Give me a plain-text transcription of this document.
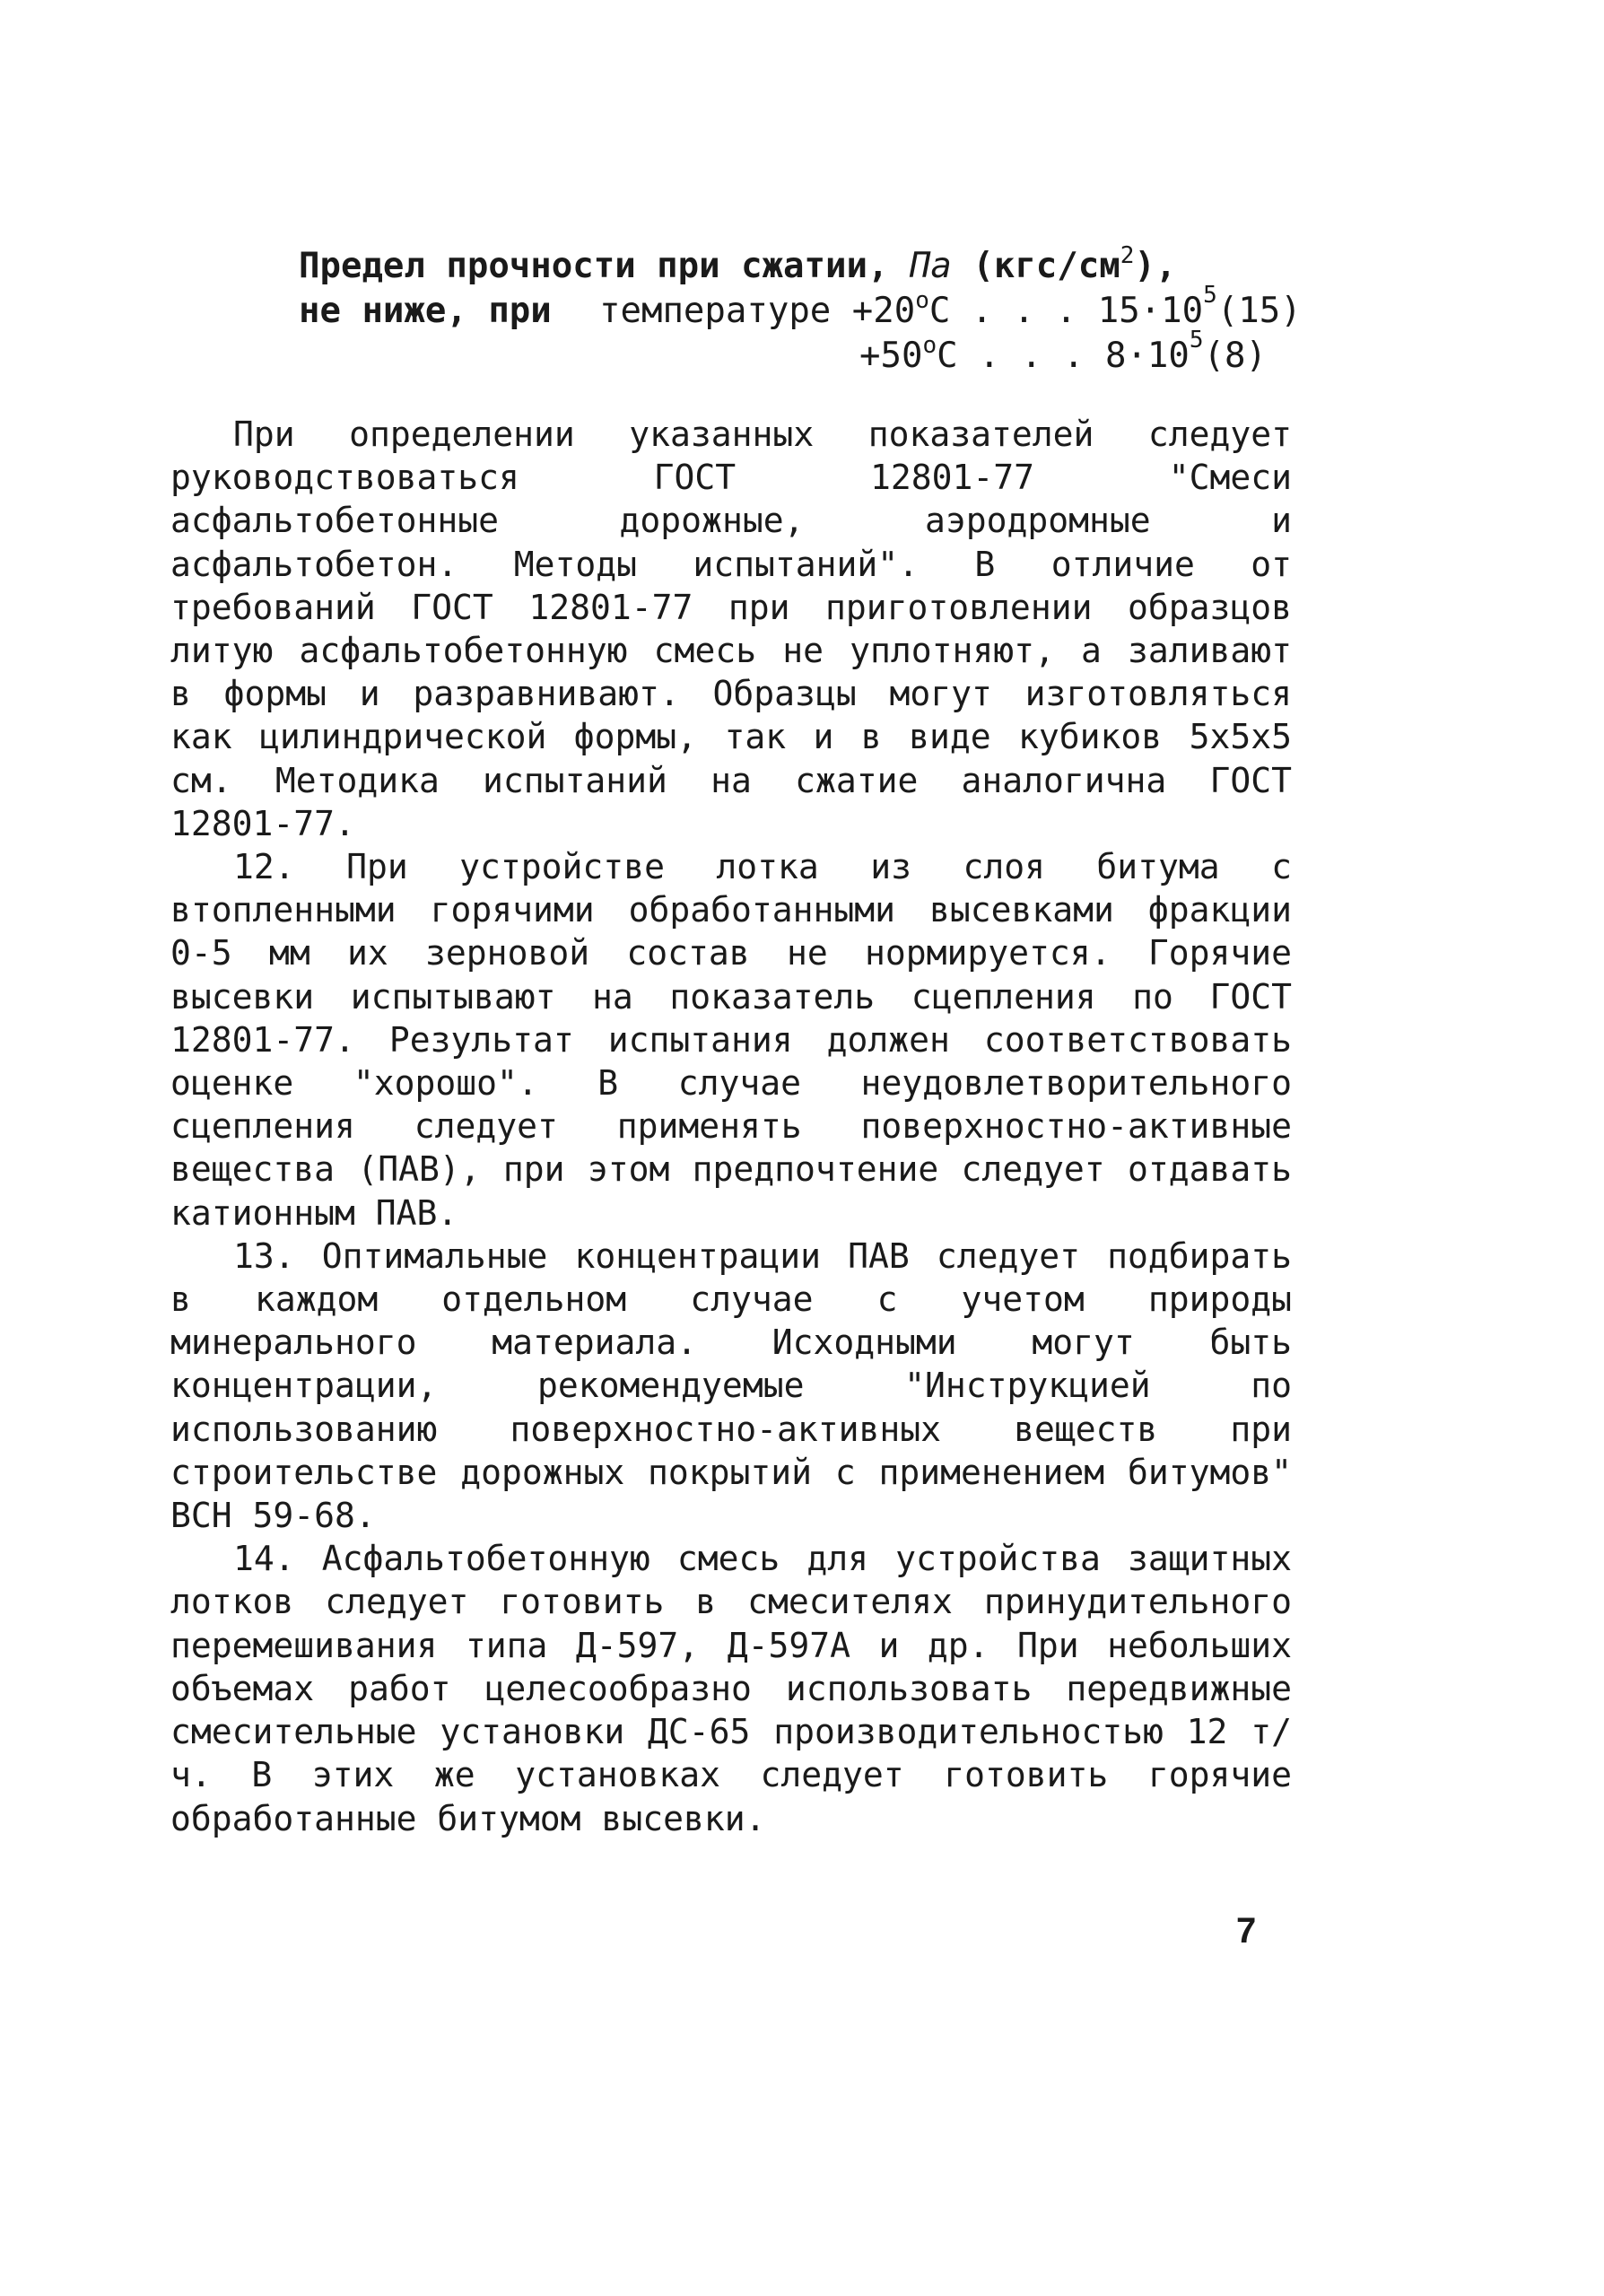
Предел прочности при сжатии, Па $(кгс/см^2)$,
не ниже, при температуре $+20^оС$ . . . $15\cdot 10^5(15)$
$+50^оС$ . . . $8\cdot 10^5(8)$

При определении указанных показателей следует руководствоваться ГОСТ 12801-77 "Смеси асфальтобетонные дорожные, аэродромные и асфальтобетон. Методы испытаний". В отличие от требований ГОСТ 12801-77 при приготовлении образцов литую асфальтобетонную смесь не уплотняют, а заливают в формы и разравнивают. Образцы могут изготовляться как цилиндрической формы, так и в виде кубиков 5х5х5 см. Методика испытаний на сжатие аналогична ГОСТ 12801-77.

12. При устройстве лотка из слоя битума с втопленными горячими обработанными высевками фракции 0-5 мм их зерновой состав не нормируется. Горячие высевки испытывают на показатель сцепления по ГОСТ 12801-77. Результат испытания должен соответствовать оценке "хорошо". В случае неудовлетворительного сцепления следует применять поверхностно-активные вещества (ПАВ), при этом предпочтение следует отдавать катионным ПАВ.

13. Оптимальные концентрации ПАВ следует подбирать в каждом отдельном случае с учетом природы минерального материала. Исходными могут быть концентрации, рекомендуемые "Инструкцией по использованию поверхностно-активных веществ при строительстве дорожных покрытий с применением битумов" ВСН 59-68.

14. Асфальтобетонную смесь для устройства защитных лотков следует готовить в смесителях принудительного перемешивания типа Д-597, Д-597А и др. При небольших объемах работ целесообразно использовать передвижные смесительные установки ДС-65 производительностью 12 т/ч. В этих же установках следует готовить горячие обработанные битумом высевки.

7
